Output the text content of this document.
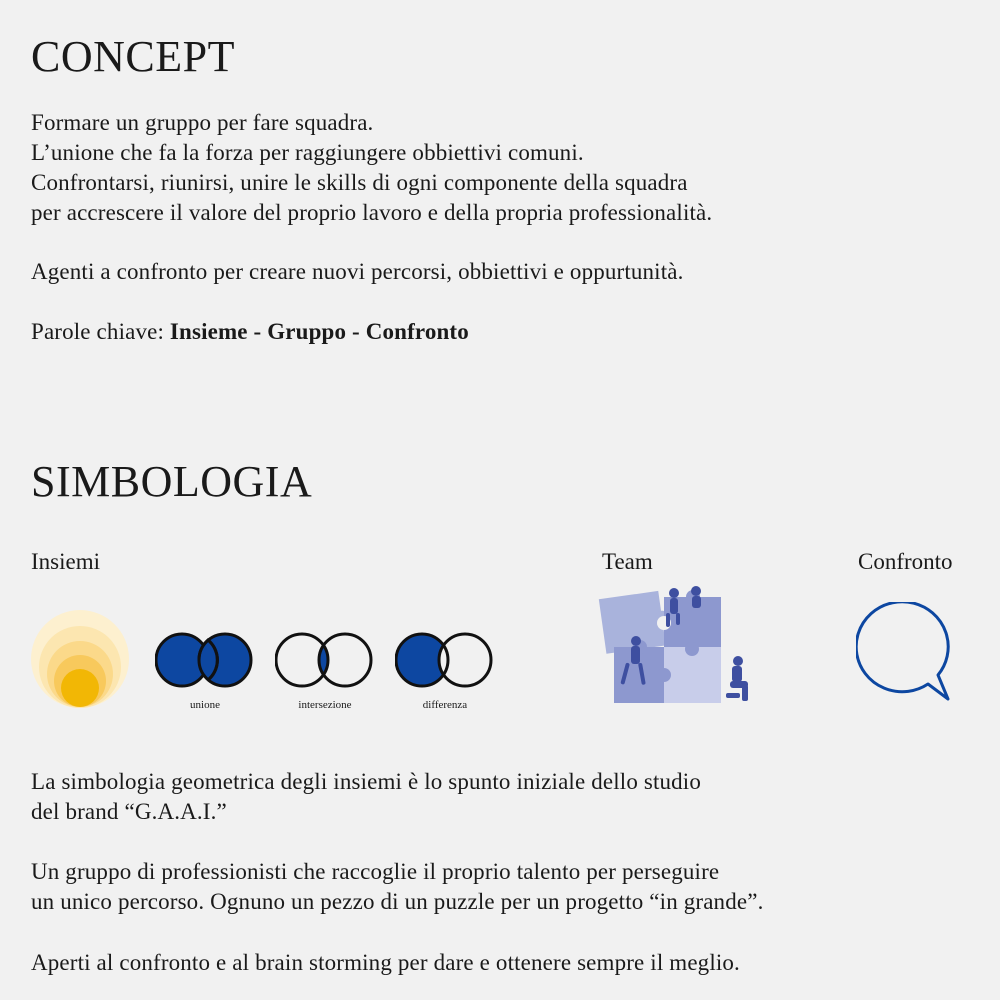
CONCEPT

Formare un gruppo per fare squadra.

L’unione che fa la forza per raggiungere obbiettivi comuni.

Confrontarsi, riunirsi, unire le skills di ogni componente della squadra

per accrescere il valore del proprio lavoro e della propria professionalità.

Agenti a confronto per creare nuovi percorsi, obbiettivi e oppurtunità.
Parole chiave: Insieme - Gruppo - Confronto
SIMBOLOGIA
Insiemi	Team	Confronto
unione	intersezione	differenza

La simbologia geometrica degli insiemi è lo spunto iniziale dello studio

del brand “G.A.A.I.”

Un gruppo di professionisti che raccoglie il proprio talento per perseguire

un unico percorso. Ognuno un pezzo di un puzzle per un progetto “in grande”.

Aperti al confronto e al brain storming per dare e ottenere sempre il meglio.
